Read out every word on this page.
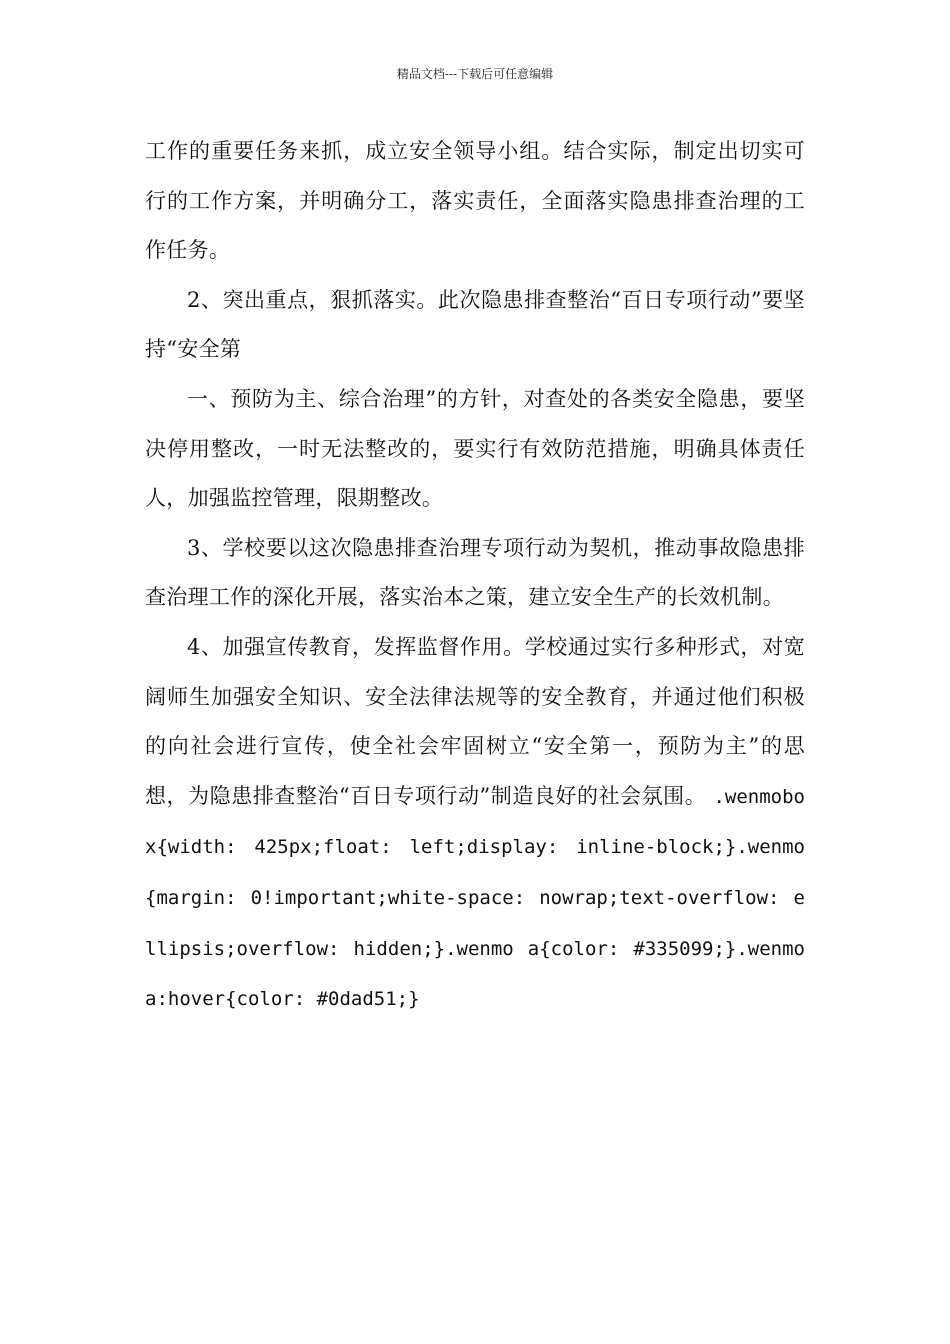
精品文档---下载后可任意编辑

工作的重要任务来抓，成立安全领导小组。结合实际，制定出切实可行的工作方案，并明确分工，落实责任，全面落实隐患排查治理的工作任务。

2、突出重点，狠抓落实。此次隐患排查整治“百日专项行动”要坚持“安全第

一、预防为主、综合治理”的方针，对查处的各类安全隐患，要坚决停用整改，一时无法整改的，要实行有效防范措施，明确具体责任人，加强监控管理，限期整改。

3、学校要以这次隐患排查治理专项行动为契机，推动事故隐患排查治理工作的深化开展，落实治本之策，建立安全生产的长效机制。

4、加强宣传教育，发挥监督作用。学校通过实行多种形式，对宽阔师生加强安全知识、安全法律法规等的安全教育，并通过他们积极的向社会进行宣传，使全社会牢固树立“安全第一，预防为主”的思想，为隐患排查整治“百日专项行动”制造良好的社会氛围。 .wenmobox{width: 425px;float: left;display: inline-block;}.wenmo{margin: 0!important;white-space: nowrap;text-overflow: ellipsis;overflow: hidden;}.wenmo a{color: #335099;}.wenmo a:hover{color: #0dad51;}
